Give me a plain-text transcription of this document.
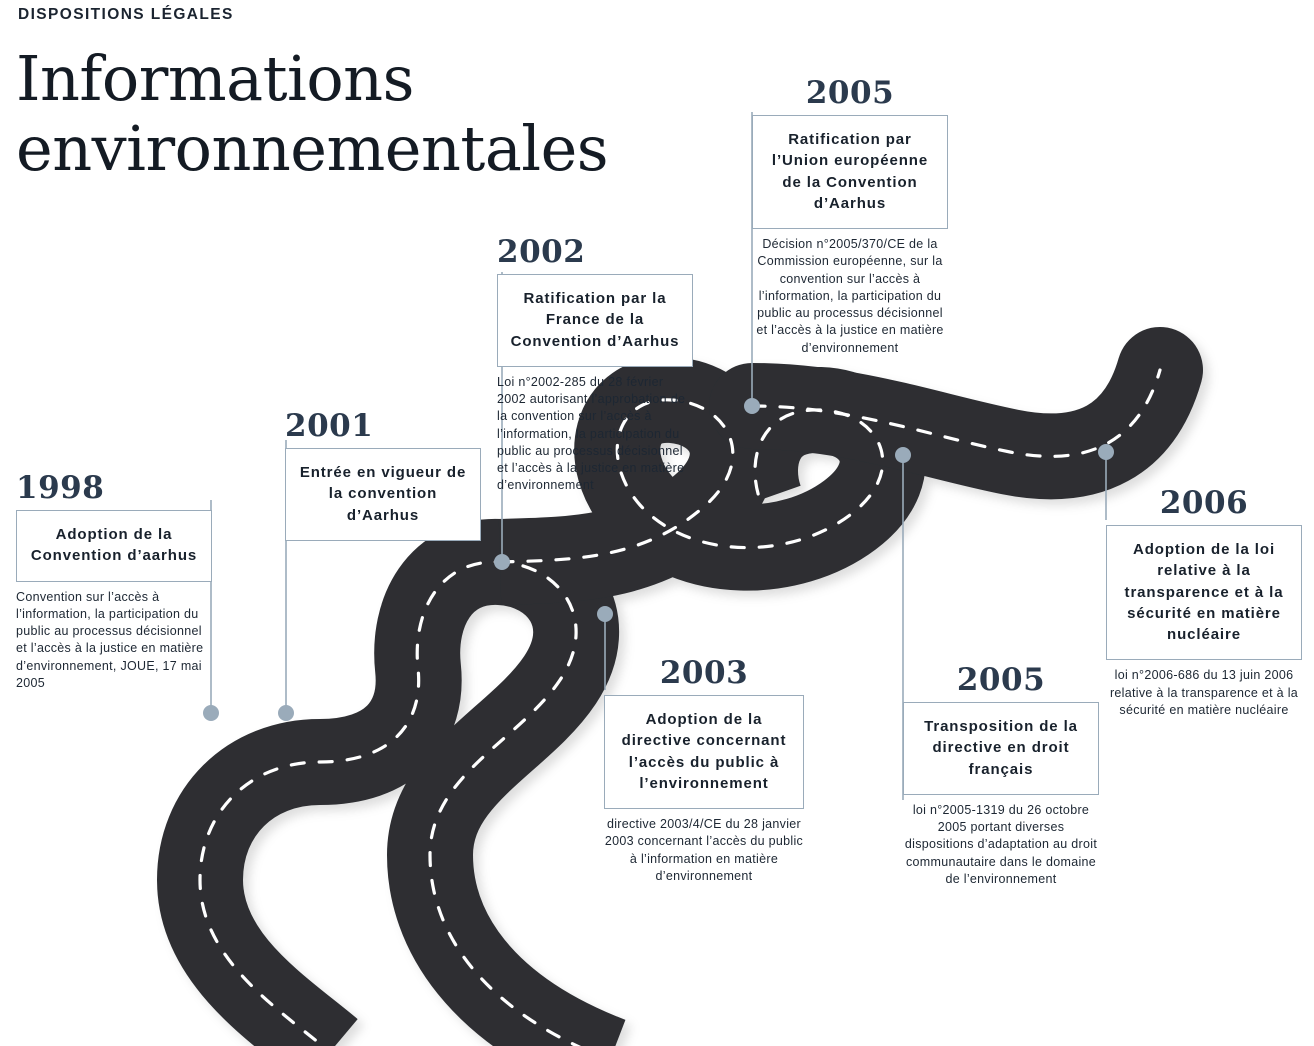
DISPOSITIONS LÉGALES
Informations environnementales
1998

Adoption de la Convention d’aarhus

Convention sur l’accès à l’information, la participation du public au processus décisionnel et l’accès à la justice en matière d’environnement, JOUE, 17 mai 2005

2001

Entrée en vigueur de la convention d’Aarhus

2002

Ratification par la France de la Convention d’Aarhus

Loi n°2002-285 du 28 février 2002 autorisant l’approbation de la convention sur l’accès à l’information, la participation du public au processus décisionnel et l’accès à la justice en matière d’environnement

2005

Ratification par l’Union européenne de la Convention d’Aarhus

Décision n°2005/370/CE de la Commission européenne, sur la convention sur l’accès à l’information, la participation du public au processus décisionnel et l’accès à la justice en matière d’environnement

2003

Adoption de la directive concernant l’accès du public à l’environnement

directive 2003/4/CE du 28 janvier 2003 concernant l’accès du public à l’information en matière d’environnement

2005

Transposition de la directive en droit français

loi n°2005-1319 du 26 octobre 2005 portant diverses dispositions d’adaptation au droit communautaire dans le domaine de l’environnement

2006

Adoption de la loi relative à la transparence et à la sécurité en matière nucléaire

loi n°2006-686 du 13 juin 2006 relative à la transparence et à la sécurité en matière nucléaire
